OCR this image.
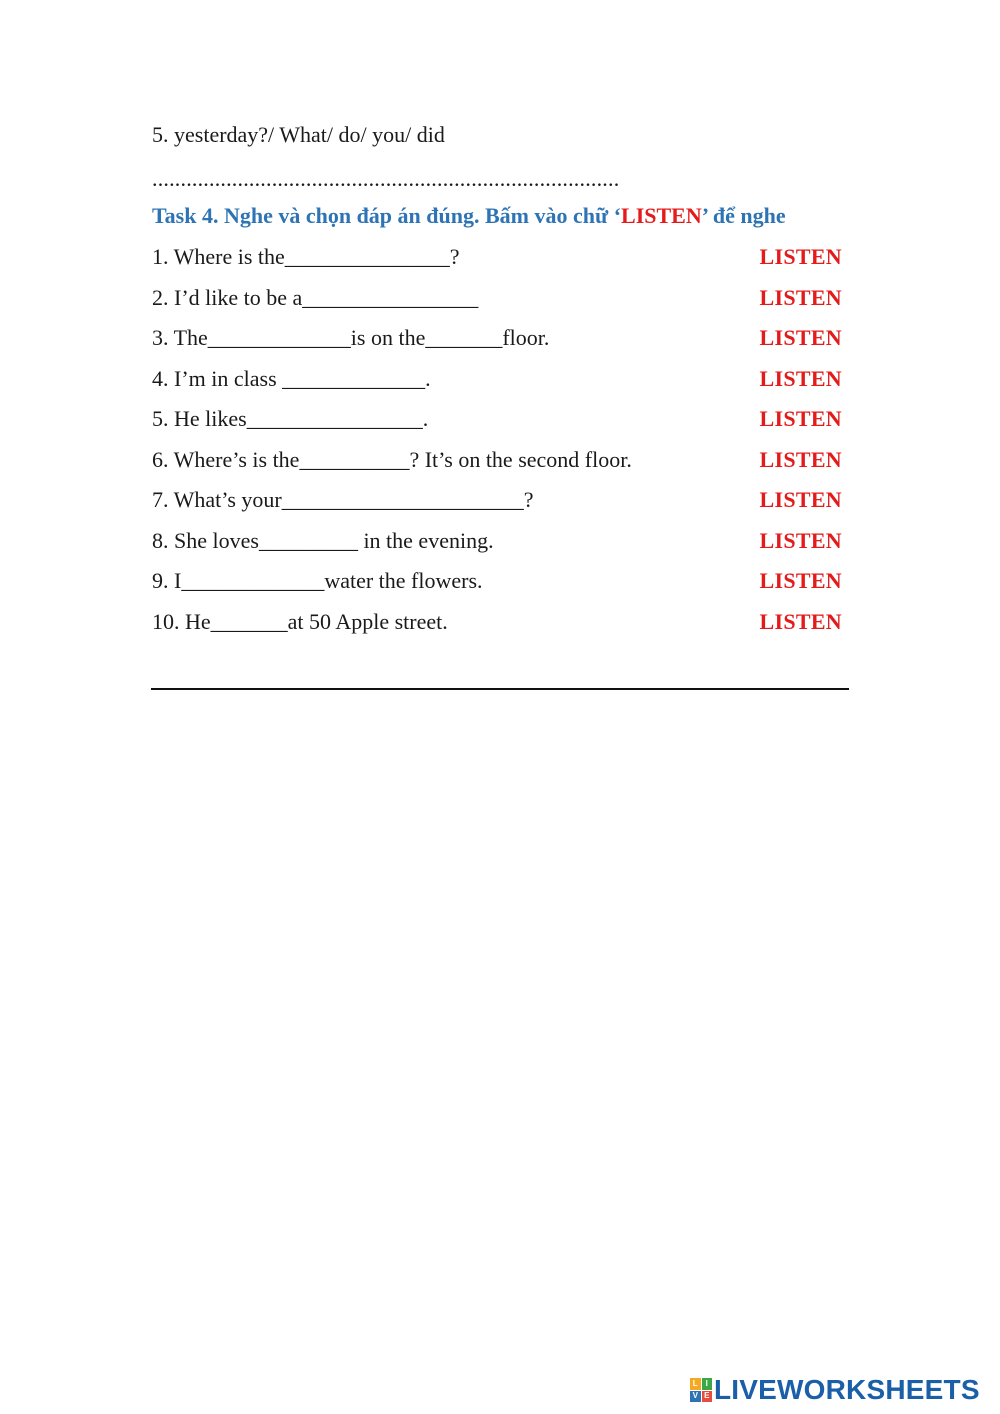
5. yesterday?/ What/ do/ you/ did
..................................................................................
Task 4. Nghe và chọn đáp án đúng. Bấm vào chữ ‘LISTEN’ để nghe
1. Where is the_______________?	LISTEN
2. I’d like to be a________________	LISTEN
3. The_____________is on the_______floor.	LISTEN
4. I’m in class _____________.	LISTEN
5. He likes________________.	LISTEN
6. Where’s is the__________? It’s on the second floor.	LISTEN
7. What’s your______________________?	LISTEN
8. She loves_________ in the evening.	LISTEN
9. I_____________water the flowers.	LISTEN
10. He_______at 50 Apple street.	LISTEN
L I
V E LIVEWORKSHEETS
